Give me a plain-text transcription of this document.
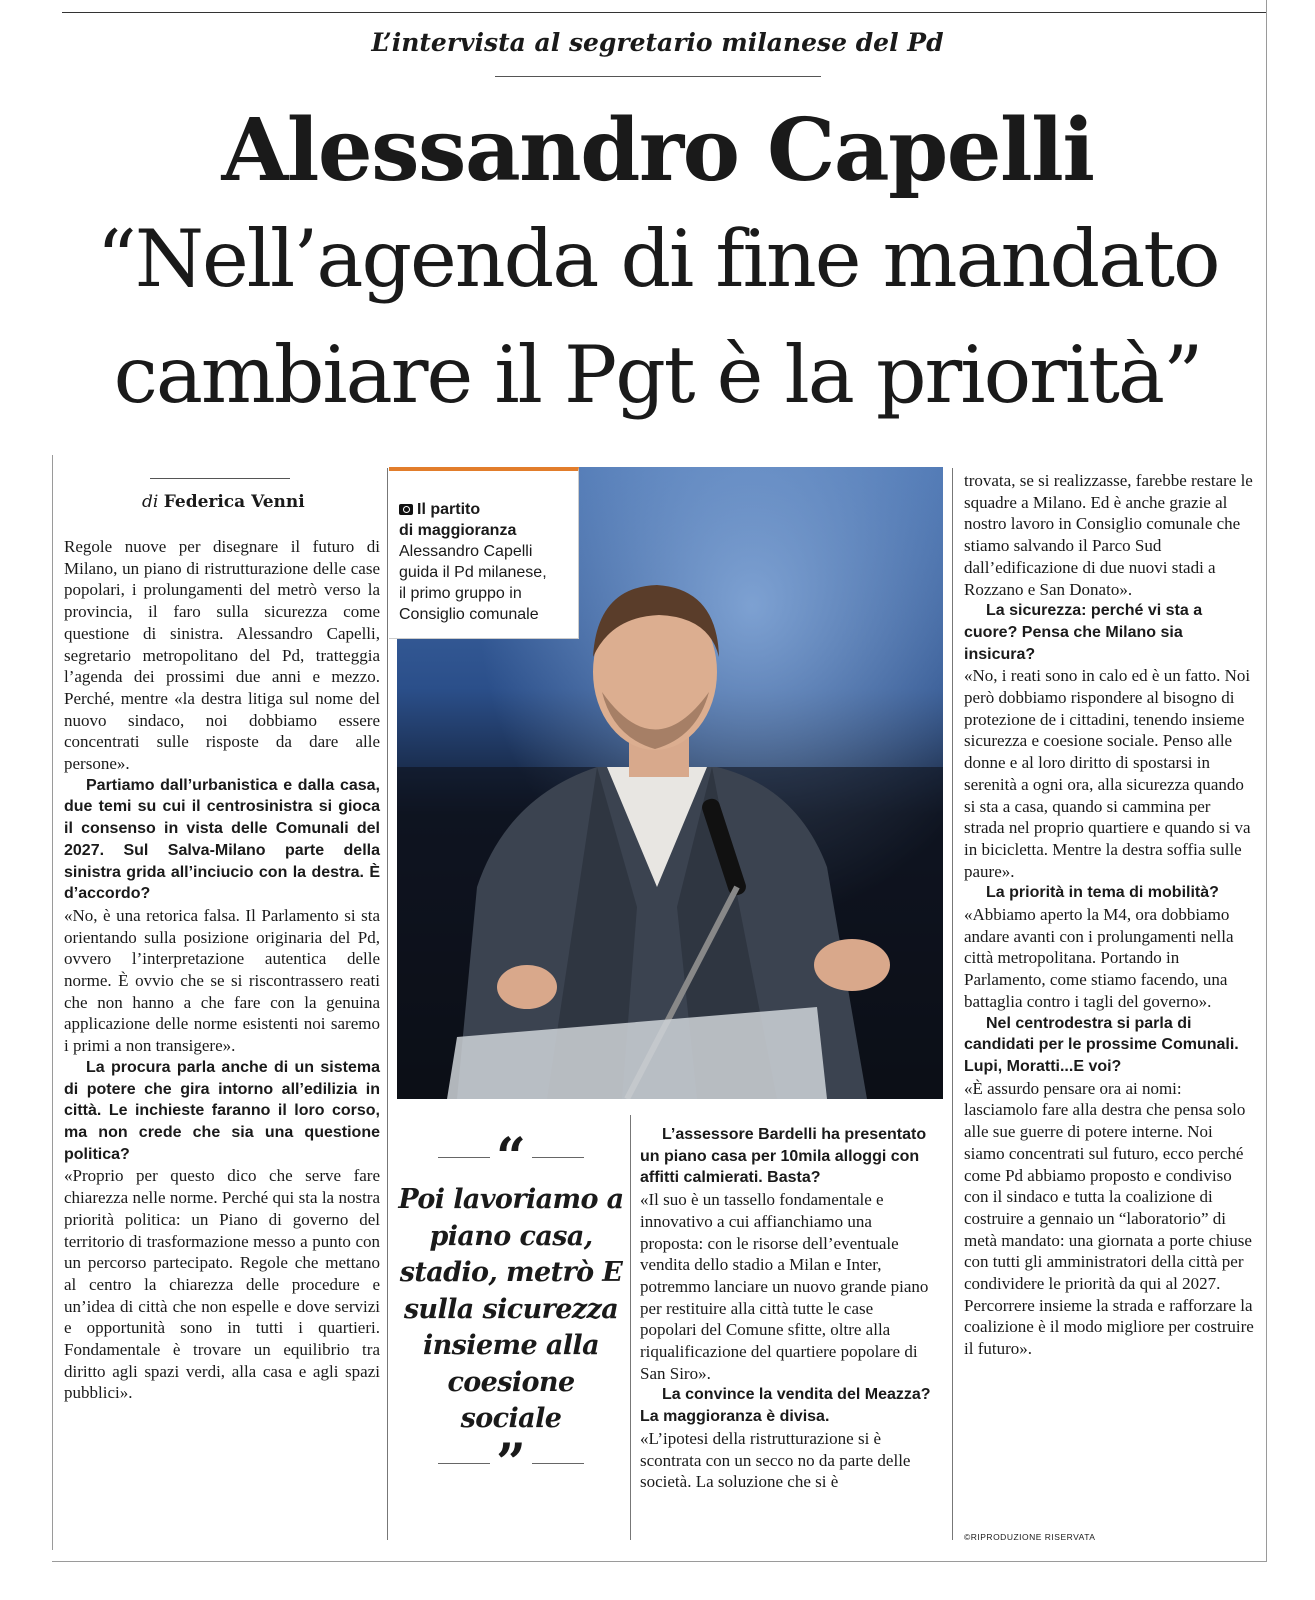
L’intervista al segretario milanese del Pd
Alessandro Capelli
“Nell’agenda di fine mandato
cambiare il Pgt è la priorità”
di Federica Venni

Regole nuove per disegnare il futuro di Milano, un piano di ristrutturazione delle case popolari, i prolungamenti del metrò verso la provincia, il faro sulla sicurezza come questione di sinistra. Alessandro Capelli, segretario metropolitano del Pd, tratteggia l’agenda dei prossimi due anni e mezzo. Perché, mentre «la destra litiga sul nome del nuovo sindaco, noi dobbiamo essere concentrati sulle risposte da dare alle persone».

Partiamo dall’urbanistica e dalla casa, due temi su cui il centrosinistra si gioca il consenso in vista delle Comunali del 2027. Sul Salva-Milano parte della sinistra grida all’inciucio con la destra. È d’accordo?

«No, è una retorica falsa. Il Parlamento si sta orientando sulla posizione originaria del Pd, ovvero l’interpretazione autentica delle norme. È ovvio che se si riscontrassero reati che non hanno a che fare con la genuina applicazione delle norme esistenti noi saremo i primi a non transigere».

La procura parla anche di un sistema di potere che gira intorno all’edilizia in città. Le inchieste faranno il loro corso, ma non crede che sia una questione politica?

«Proprio per questo dico che serve fare chiarezza nelle norme. Perché qui sta la nostra priorità politica: un Piano di governo del territorio di trasformazione messo a punto con un percorso partecipato. Regole che mettano al centro la chiarezza delle procedure e un’idea di città che non espelle e dove servizi e opportunità sono in tutti i quartieri. Fondamentale è trovare un equilibrio tra diritto agli spazi verdi, alla casa e agli spazi pubblici».

Il partito
di maggioranza
Alessandro Capelli
guida il Pd milanese,
il primo gruppo in
Consiglio comunale
“
Poi lavoriamo a piano casa, stadio, metrò E sulla sicurezza insieme alla coesione sociale
”

L’assessore Bardelli ha presentato un piano casa per 10mila alloggi con affitti calmierati. Basta?

«Il suo è un tassello fondamentale e innovativo a cui affianchiamo una proposta: con le risorse dell’eventuale vendita dello stadio a Milan e Inter, potremmo lanciare un nuovo grande piano per restituire alla città tutte le case popolari del Comune sfitte, oltre alla riqualificazione del quartiere popolare di San Siro».

La convince la vendita del Meazza? La maggioranza è divisa.

«L’ipotesi della ristrutturazione si è scontrata con un secco no da parte delle società. La soluzione che si è

trovata, se si realizzasse, farebbe restare le squadre a Milano. Ed è anche grazie al nostro lavoro in Consiglio comunale che stiamo salvando il Parco Sud dall’edificazione di due nuovi stadi a Rozzano e San Donato».

La sicurezza: perché vi sta a cuore? Pensa che Milano sia insicura?

«No, i reati sono in calo ed è un fatto. Noi però dobbiamo rispondere al bisogno di protezione de i cittadini, tenendo insieme sicurezza e coesione sociale. Penso alle donne e al loro diritto di spostarsi in serenità a ogni ora, alla sicurezza quando si sta a casa, quando si cammina per strada nel proprio quartiere e quando si va in bicicletta. Mentre la destra soffia sulle paure».

La priorità in tema di mobilità?

«Abbiamo aperto la M4, ora dobbiamo andare avanti con i prolungamenti nella città metropolitana. Portando in Parlamento, come stiamo facendo, una battaglia contro i tagli del governo».

Nel centrodestra si parla di candidati per le prossime Comunali. Lupi, Moratti...E voi?

«È assurdo pensare ora ai nomi: lasciamolo fare alla destra che pensa solo alle sue guerre di potere interne. Noi siamo concentrati sul futuro, ecco perché come Pd abbiamo proposto e condiviso con il sindaco e tutta la coalizione di costruire a gennaio un “laboratorio” di metà mandato: una giornata a porte chiuse con tutti gli amministratori della città per condividere le priorità da qui al 2027. Percorrere insieme la strada e rafforzare la coalizione è il modo migliore per costruire il futuro».

©RIPRODUZIONE RISERVATA
